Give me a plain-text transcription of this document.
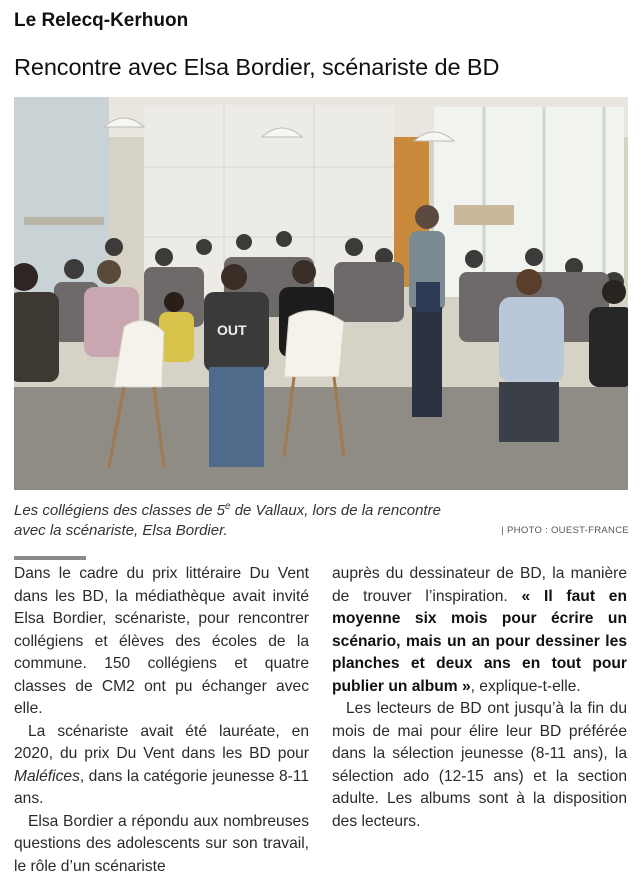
Le Relecq-Kerhuon
Rencontre avec Elsa Bordier, scénariste de BD
OUT
Les collégiens des classes de 5e de Vallaux, lors de la rencontre
avec la scénariste, Elsa Bordier.	| PHOTO : OUEST-FRANCE

Dans le cadre du prix littéraire Du Vent dans les BD, la médiathèque avait invité Elsa Bordier, scénariste, pour rencontrer collégiens et élèves des écoles de la commune. 150 collégiens et quatre classes de CM2 ont pu échanger avec elle.

La scénariste avait été lauréate, en 2020, du prix Du Vent dans les BD pour Maléfices, dans la catégorie jeunesse 8-11 ans.

Elsa Bordier a répondu aux nombreuses questions des adolescents sur son travail, le rôle d’un scénariste

auprès du dessinateur de BD, la manière de trouver l’inspiration. « Il faut en moyenne six mois pour écrire un scénario, mais un an pour dessiner les planches et deux ans en tout pour publier un album », explique-t-elle.

Les lecteurs de BD ont jusqu’à la fin du mois de mai pour élire leur BD préférée dans la sélection jeunesse (8-11 ans), la sélection ado (12-15 ans) et la section adulte. Les albums sont à la disposition des lecteurs.
